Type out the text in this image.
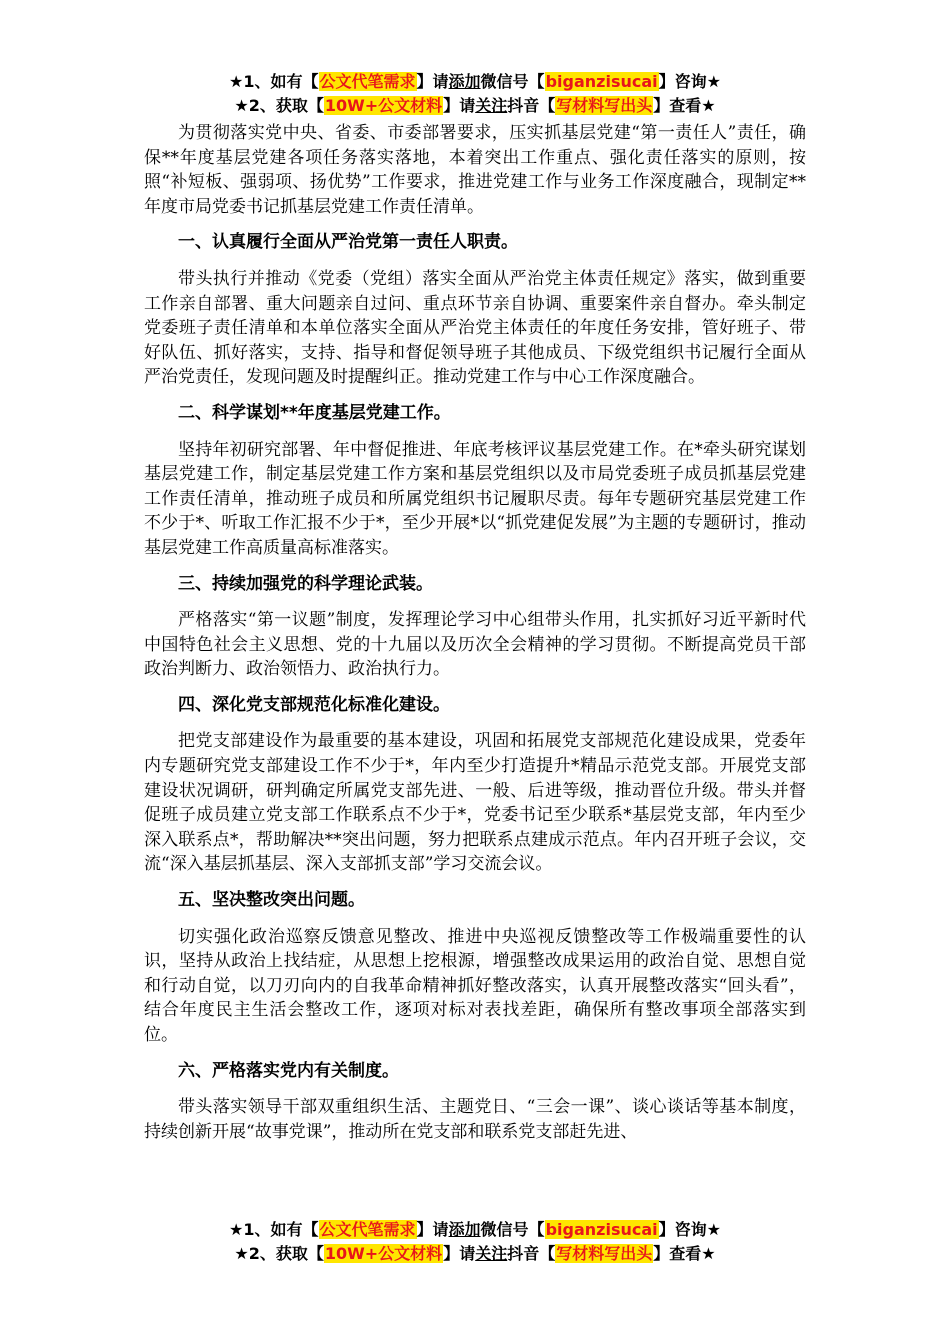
★1、如有【公文代笔需求】请添加微信号【biganzisucai】咨询★
★2、获取【10W+公文材料】请关注抖音【写材料写出头】查看★

为贯彻落实党中央、省委、市委部署要求，压实抓基层党建“第一责任人”责任，确保**年度基层党建各项任务落实落地，本着突出工作重点、强化责任落实的原则，按照“补短板、强弱项、扬优势”工作要求，推进党建工作与业务工作深度融合，现制定**年度市局党委书记抓基层党建工作责任清单。

一、认真履行全面从严治党第一责任人职责。

带头执行并推动《党委（党组）落实全面从严治党主体责任规定》落实，做到重要工作亲自部署、重大问题亲自过问、重点环节亲自协调、重要案件亲自督办。牵头制定党委班子责任清单和本单位落实全面从严治党主体责任的年度任务安排，管好班子、带好队伍、抓好落实，支持、指导和督促领导班子其他成员、下级党组织书记履行全面从严治党责任，发现问题及时提醒纠正。推动党建工作与中心工作深度融合。

二、科学谋划**年度基层党建工作。

坚持年初研究部署、年中督促推进、年底考核评议基层党建工作。在*牵头研究谋划基层党建工作，制定基层党建工作方案和基层党组织以及市局党委班子成员抓基层党建工作责任清单，推动班子成员和所属党组织书记履职尽责。每年专题研究基层党建工作不少于*、听取工作汇报不少于*，至少开展*以“抓党建促发展”为主题的专题研讨，推动基层党建工作高质量高标准落实。

三、持续加强党的科学理论武装。

严格落实“第一议题”制度，发挥理论学习中心组带头作用，扎实抓好习近平新时代中国特色社会主义思想、党的十九届以及历次全会精神的学习贯彻。不断提高党员干部政治判断力、政治领悟力、政治执行力。

四、深化党支部规范化标准化建设。

把党支部建设作为最重要的基本建设，巩固和拓展党支部规范化建设成果，党委年内专题研究党支部建设工作不少于*，年内至少打造提升*精品示范党支部。开展党支部建设状况调研，研判确定所属党支部先进、一般、后进等级，推动晋位升级。带头并督促班子成员建立党支部工作联系点不少于*，党委书记至少联系*基层党支部，年内至少深入联系点*，帮助解决**突出问题，努力把联系点建成示范点。年内召开班子会议，交流“深入基层抓基层、深入支部抓支部”学习交流会议。

五、坚决整改突出问题。

切实强化政治巡察反馈意见整改、推进中央巡视反馈整改等工作极端重要性的认识，坚持从政治上找结症，从思想上挖根源，增强整改成果运用的政治自觉、思想自觉和行动自觉，以刀刃向内的自我革命精神抓好整改落实，认真开展整改落实“回头看”，结合年度民主生活会整改工作，逐项对标对表找差距，确保所有整改事项全部落实到位。

六、严格落实党内有关制度。

带头落实领导干部双重组织生活、主题党日、“三会一课”、谈心谈话等基本制度，持续创新开展“故事党课”，推动所在党支部和联系党支部赶先进、

★1、如有【公文代笔需求】请添加微信号【biganzisucai】咨询★
★2、获取【10W+公文材料】请关注抖音【写材料写出头】查看★
